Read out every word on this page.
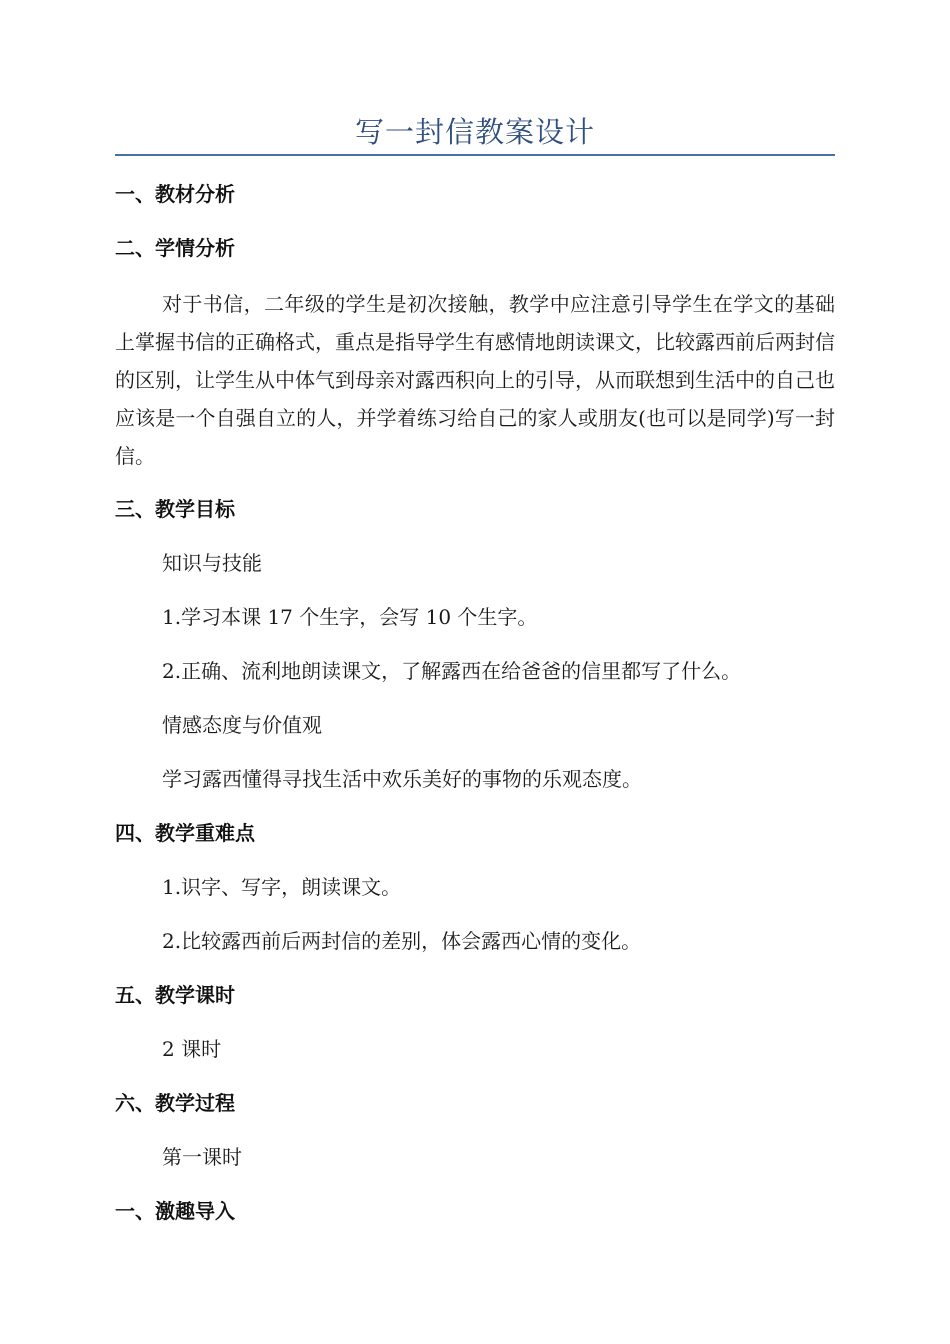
写一封信教案设计
一、教材分析
二、学情分析

对于书信，二年级的学生是初次接触，教学中应注意引导学生在学文的基础上掌握书信的正确格式，重点是指导学生有感情地朗读课文，比较露西前后两封信的区别，让学生从中体气到母亲对露西积向上的引导，从而联想到生活中的自己也应该是一个自强自立的人，并学着练习给自己的家人或朋友(也可以是同学)写一封信。

三、教学目标
知识与技能
1.学习本课 17 个生字，会写 10 个生字。
2.正确、流利地朗读课文，了解露西在给爸爸的信里都写了什么。
情感态度与价值观
学习露西懂得寻找生活中欢乐美好的事物的乐观态度。
四、教学重难点
1.识字、写字，朗读课文。
2.比较露西前后两封信的差别，体会露西心情的变化。
五、教学课时
2 课时
六、教学过程
第一课时
一、激趣导入
